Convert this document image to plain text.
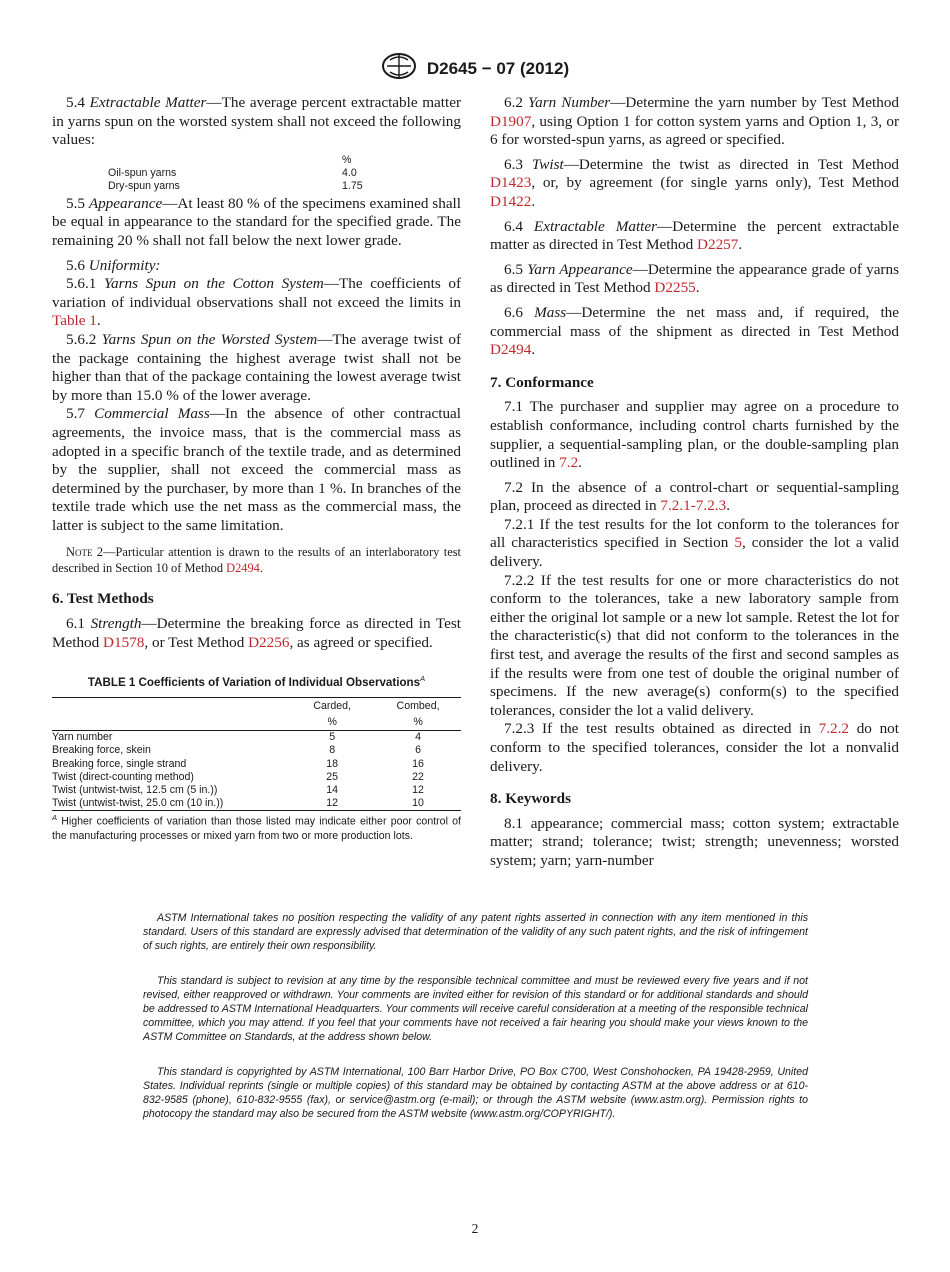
D2645 − 07 (2012)

5.4 Extractable Matter—The average percent extractable matter in yarns spun on the worsted system shall not exceed the following values:

%
Oil-spun yarns	4.0
Dry-spun yarns	1.75

5.5 Appearance—At least 80 % of the specimens examined shall be equal in appearance to the standard for the specified grade. The remaining 20 % shall not fall below the next lower grade.

5.6 Uniformity:

5.6.1 Yarns Spun on the Cotton System—The coefficients of variation of individual observations shall not exceed the limits in Table 1.

5.6.2 Yarns Spun on the Worsted System—The average twist of the package containing the highest average twist shall not be higher than that of the package containing the lowest average twist by more than 15.0 % of the lower average.

5.7 Commercial Mass—In the absence of other contractual agreements, the invoice mass, that is the commercial mass as adopted in a specific branch of the textile trade, and as determined by the supplier, shall not exceed the commercial mass as determined by the purchaser, by more than 1 %. In branches of the textile trade which use the net mass as the commercial mass, the latter is subject to the same limitation.

Note 2—Particular attention is drawn to the results of an interlaboratory test described in Section 10 of Method D2494.

6. Test Methods

6.1 Strength—Determine the breaking force as directed in Test Method D1578, or Test Method D2256, as agreed or specified.

TABLE 1 Coefficients of Variation of Individual Observations$^A$
	Carded,	Combed,
	%	%
Yarn number	5	4
Breaking force, skein	8	6
Breaking force, single strand	18	16
Twist (direct-counting method)	25	22
Twist (untwist-twist, 12.5 cm (5 in.))	14	12
Twist (untwist-twist, 25.0 cm (10 in.))	12	10

$^A$ Higher coefficients of variation than those listed may indicate either poor control of the manufacturing processes or mixed yarn from two or more production lots.

6.2 Yarn Number—Determine the yarn number by Test Method D1907, using Option 1 for cotton system yarns and Option 1, 3, or 6 for worsted-spun yarns, as agreed or specified.

6.3 Twist—Determine the twist as directed in Test Method D1423, or, by agreement (for single yarns only), Test Method D1422.

6.4 Extractable Matter—Determine the percent extractable matter as directed in Test Method D2257.

6.5 Yarn Appearance—Determine the appearance grade of yarns as directed in Test Method D2255.

6.6 Mass—Determine the net mass and, if required, the commercial mass of the shipment as directed in Test Method D2494.

7. Conformance

7.1 The purchaser and supplier may agree on a procedure to establish conformance, including control charts furnished by the supplier, a sequential-sampling plan, or the double-sampling plan outlined in 7.2.

7.2 In the absence of a control-chart or sequential-sampling plan, proceed as directed in 7.2.1-7.2.3.

7.2.1 If the test results for the lot conform to the tolerances for all characteristics specified in Section 5, consider the lot a valid delivery.

7.2.2 If the test results for one or more characteristics do not conform to the tolerances, take a new laboratory sample from either the original lot sample or a new lot sample. Retest the lot for the characteristic(s) that did not conform to the tolerances in the first test, and average the results of the first and second samples as if the results were from one test of double the original number of specimens. If the new average(s) conform(s) to the specified tolerances, consider the lot a valid delivery.

7.2.3 If the test results obtained as directed in 7.2.2 do not conform to the specified tolerances, consider the lot a nonvalid delivery.

8. Keywords

8.1 appearance; commercial mass; cotton system; extractable matter; strand; tolerance; twist; strength; unevenness; worsted system; yarn; yarn-number

ASTM International takes no position respecting the validity of any patent rights asserted in connection with any item mentioned in this standard. Users of this standard are expressly advised that determination of the validity of any such patent rights, and the risk of infringement of such rights, are entirely their own responsibility.

This standard is subject to revision at any time by the responsible technical committee and must be reviewed every five years and if not revised, either reapproved or withdrawn. Your comments are invited either for revision of this standard or for additional standards and should be addressed to ASTM International Headquarters. Your comments will receive careful consideration at a meeting of the responsible technical committee, which you may attend. If you feel that your comments have not received a fair hearing you should make your views known to the ASTM Committee on Standards, at the address shown below.

This standard is copyrighted by ASTM International, 100 Barr Harbor Drive, PO Box C700, West Conshohocken, PA 19428-2959, United States. Individual reprints (single or multiple copies) of this standard may be obtained by contacting ASTM at the above address or at 610-832-9585 (phone), 610-832-9555 (fax), or service@astm.org (e-mail); or through the ASTM website (www.astm.org). Permission rights to photocopy the standard may also be secured from the ASTM website (www.astm.org/COPYRIGHT/).

2
